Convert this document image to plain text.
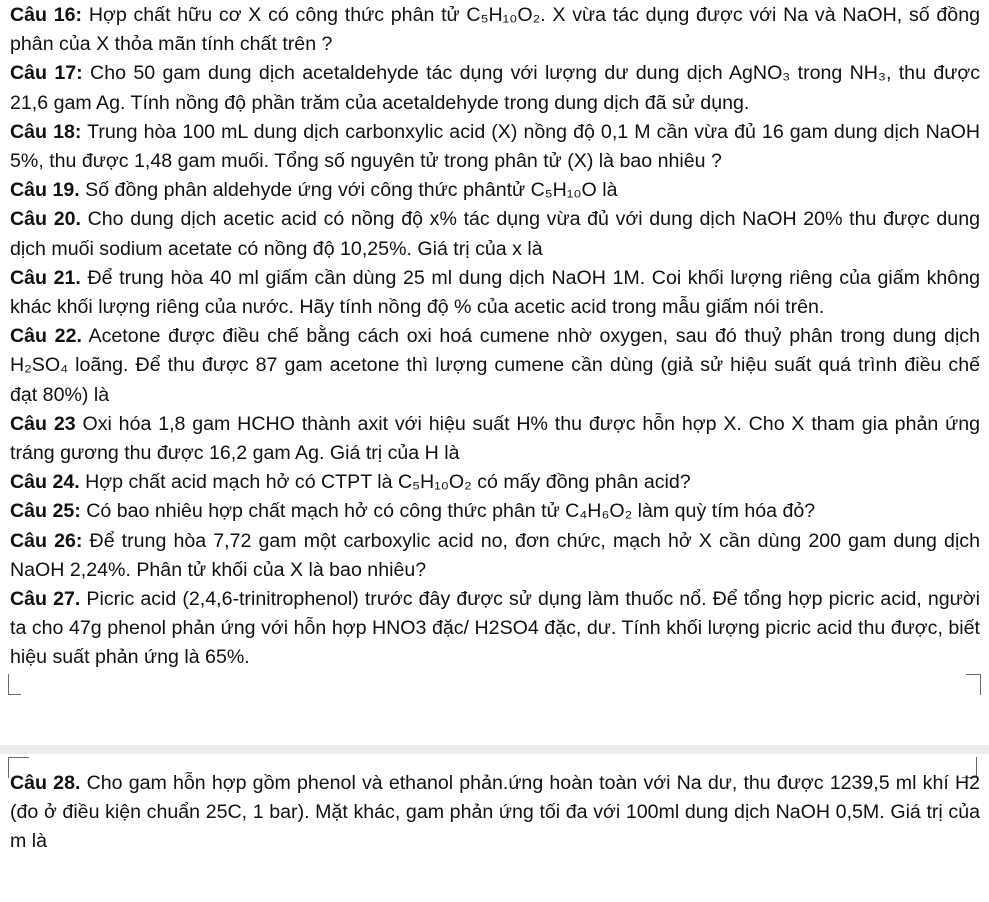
Câu 16: Hợp chất hữu cơ X có công thức phân tử C₅H₁₀O₂. X vừa tác dụng được với Na và NaOH, số đồng phân của X thỏa mãn tính chất trên ?

Câu 17: Cho 50 gam dung dịch acetaldehyde tác dụng với lượng dư dung dịch AgNO₃ trong NH₃, thu được 21,6 gam Ag. Tính nồng độ phần trăm của acetaldehyde trong dung dịch đã sử dụng.

Câu 18: Trung hòa 100 mL dung dịch carbonxylic acid (X) nồng độ 0,1 M cần vừa đủ 16 gam dung dịch NaOH 5%, thu được 1,48 gam muối. Tổng số nguyên tử trong phân tử (X) là bao nhiêu ?

Câu 19. Số đồng phân aldehyde ứng với công thức phântử C₅H₁₀O là

Câu 20. Cho dung dịch acetic acid có nồng độ x% tác dụng vừa đủ với dung dịch NaOH 20% thu được dung dịch muối sodium acetate có nồng độ 10,25%. Giá trị của x là

Câu 21. Để trung hòa 40 ml giấm cần dùng 25 ml dung dịch NaOH 1M. Coi khối lượng riêng của giấm không khác khối lượng riêng của nước. Hãy tính nồng độ % của acetic acid trong mẫu giấm nói trên.

Câu 22. Acetone được điều chế bằng cách oxi hoá cumene nhờ oxygen, sau đó thuỷ phân trong dung dịch H₂SO₄ loãng. Để thu được 87 gam acetone thì lượng cumene cần dùng (giả sử hiệu suất quá trình điều chế đạt 80%) là

Câu 23 Oxi hóa 1,8 gam HCHO thành axit với hiệu suất H% thu được hỗn hợp X. Cho X tham gia phản ứng tráng gương thu được 16,2 gam Ag. Giá trị của H là

Câu 24. Hợp chất acid mạch hở có CTPT là C₅H₁₀O₂ có mấy đồng phân acid?

Câu 25: Có bao nhiêu hợp chất mạch hở có công thức phân tử C₄H₆O₂ làm quỳ tím hóa đỏ?

Câu 26: Để trung hòa 7,72 gam một carboxylic acid no, đơn chức, mạch hở X cần dùng 200 gam dung dịch NaOH 2,24%. Phân tử khối của X là bao nhiêu?

Câu 27. Picric acid (2,4,6-trinitrophenol) trước đây được sử dụng làm thuốc nổ. Để tổng hợp picric acid, người ta cho 47g phenol phản ứng với hỗn hợp HNO3 đặc/ H2SO4 đặc, dư. Tính khối lượng picric acid thu được, biết hiệu suất phản ứng là 65%.

Câu 28. Cho gam hỗn hợp gồm phenol và ethanol phản.ứng hoàn toàn với Na dư, thu được 1239,5 ml khí H2 (đo ở điều kiện chuẩn 25C, 1 bar). Mặt khác, gam phản ứng tối đa với 100ml dung dịch NaOH 0,5M. Giá trị của m là
